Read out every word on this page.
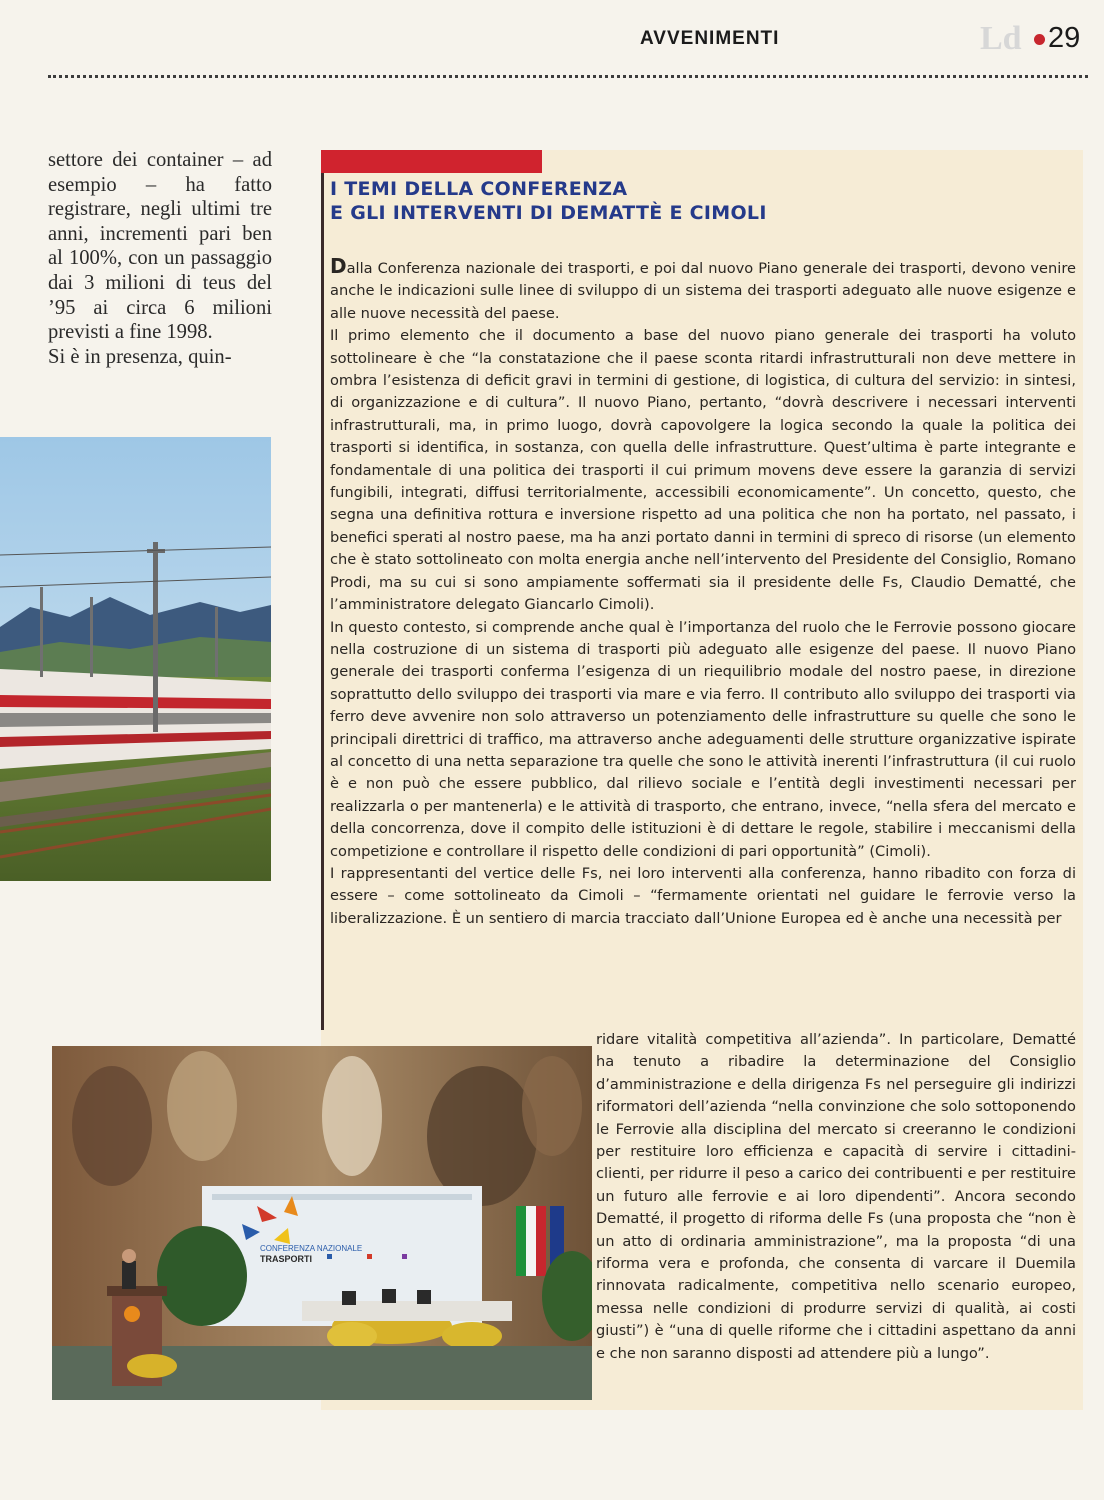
AVVENIMENTI	Ld 29

settore dei container – ad esempio – ha fatto registrare, negli ultimi tre anni, incrementi pari ben al 100%, con un passaggio dai 3 milioni di teus del ’95 ai circa 6 milioni previsti a fine 1998.

Si è in presenza, quin-

I TEMI DELLA CONFERENZA
E GLI INTERVENTI DI DEMATTÈ E CIMOLI

Dalla Conferenza nazionale dei trasporti, e poi dal nuovo Piano generale dei trasporti, devono venire anche le indicazioni sulle linee di sviluppo di un sistema dei trasporti adeguato alle nuove esigenze e alle nuove necessità del paese.

Il primo elemento che il documento a base del nuovo piano generale dei trasporti ha voluto sottolineare è che “la constatazione che il paese sconta ritardi infrastrutturali non deve mettere in ombra l’esistenza di deficit gravi in termini di gestione, di logistica, di cultura del servizio: in sintesi, di organizzazione e di cultura”. Il nuovo Piano, pertanto, “dovrà descrivere i necessari interventi infrastrutturali, ma, in primo luogo, dovrà capovolgere la logica secondo la quale la politica dei trasporti si identifica, in sostanza, con quella delle infrastrutture. Quest’ultima è parte integrante e fondamentale di una politica dei trasporti il cui primum movens deve essere la garanzia di servizi fungibili, integrati, diffusi territorialmente, accessibili economicamente”. Un concetto, questo, che segna una definitiva rottura e inversione rispetto ad una politica che non ha portato, nel passato, i benefici sperati al nostro paese, ma ha anzi portato danni in termini di spreco di risorse (un elemento che è stato sottolineato con molta energia anche nell’intervento del Presidente del Consiglio, Romano Prodi, ma su cui si sono ampiamente soffermati sia il presidente delle Fs, Claudio Dematté, che l’amministratore delegato Giancarlo Cimoli).

In questo contesto, si comprende anche qual è l’importanza del ruolo che le Ferrovie possono giocare nella costruzione di un sistema di trasporti più adeguato alle esigenze del paese. Il nuovo Piano generale dei trasporti conferma l’esigenza di un riequilibrio modale del nostro paese, in direzione soprattutto dello sviluppo dei trasporti via mare e via ferro. Il contributo allo sviluppo dei trasporti via ferro deve avvenire non solo attraverso un potenziamento delle infrastrutture su quelle che sono le principali direttrici di traffico, ma attraverso anche adeguamenti delle strutture organizzative ispirate al concetto di una netta separazione tra quelle che sono le attività inerenti l’infrastruttura (il cui ruolo è e non può che essere pubblico, dal rilievo sociale e l’entità degli investimenti necessari per realizzarla o per mantenerla) e le attività di trasporto, che entrano, invece, “nella sfera del mercato e della concorrenza, dove il compito delle istituzioni è di dettare le regole, stabilire i meccanismi della competizione e controllare il rispetto delle condizioni di pari opportunità” (Cimoli).

I rappresentanti del vertice delle Fs, nei loro interventi alla conferenza, hanno ribadito con forza di essere – come sottolineato da Cimoli – “fermamente orientati nel guidare le ferrovie verso la liberalizzazione. È un sentiero di marcia tracciato dall’Unione Europea ed è anche una necessità per

ridare vitalità competitiva all’azienda”. In particolare, Dematté ha tenuto a ribadire la determinazione del Consiglio d’amministrazione e della dirigenza Fs nel perseguire gli indirizzi riformatori dell’azienda “nella convinzione che solo sottoponendo le Ferrovie alla disciplina del mercato si creeranno le condizioni per restituire loro efficienza e capacità di servire i cittadini-clienti, per ridurre il peso a carico dei contribuenti e per restituire un futuro alle ferrovie e ai loro dipendenti”. Ancora secondo Dematté, il progetto di riforma delle Fs (una proposta che “non è un atto di ordinaria amministrazione”, ma la proposta “di una riforma vera e profonda, che consenta di varcare il Duemila rinnovata radicalmente, competitiva nello scenario europeo, messa nelle condizioni di produrre servizi di qualità, ai costi giusti”) è “una di quelle riforme che i cittadini aspettano da anni e che non saranno disposti ad attendere più a lungo”.

CONFERENZA NAZIONALE
TRASPORTI
